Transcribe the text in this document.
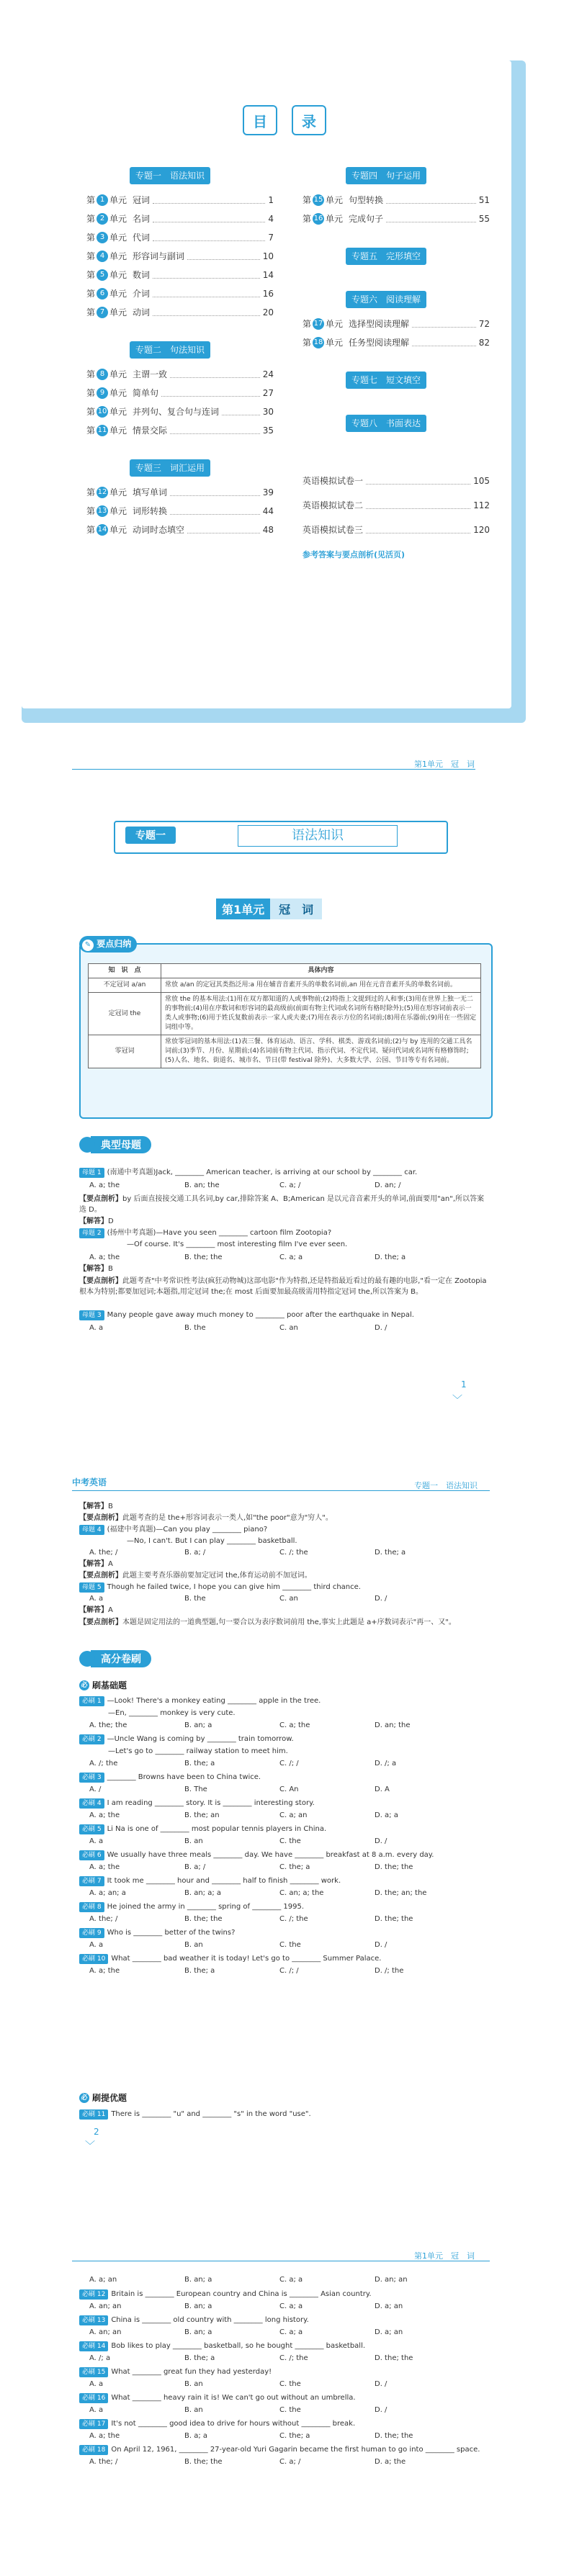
目 录
专题一　语法知识
第 1 单元 冠词	1
第 2 单元 名词	4
第 3 单元 代词	7
第 4 单元 形容词与副词	10
第 5 单元 数词	14
第 6 单元 介词	16
第 7 单元 动词	20
专题二　句法知识
第 8 单元 主谓一致	24
第 9 单元 简单句	27
第 10 单元 并列句、复合句与连词	30
第 11 单元 情景交际	35
专题三　词汇运用
第 12 单元 填写单词	39
第 13 单元 词形转换	44
第 14 单元 动词时态填空	48
专题四　句子运用
第 15 单元 句型转换	51
第 16 单元 完成句子	55
专题五　完形填空
专题六　阅读理解
第 17 单元 选择型阅读理解	72
第 18 单元 任务型阅读理解	82
专题七　短文填空
专题八　书面表达
英语模拟试卷一	105
英语模拟试卷二	112
英语模拟试卷三	120
参考答案与要点剖析(见活页)
第1单元　冠　词
专题一	语法知识
第1单元	冠　词
✎ 要点归纳
知　识　点	具体内容
不定冠词 a/an	常放 a/an 的定冠其类指泛用:a 用在辅音音素开头的单数名词前,an 用在元音音素开头的单数名词前。
定冠词 the	常放 the 的基本用法:(1)用在双方都知道的人或事物前;(2)特指上文提到过的人和事;(3)用在世界上独一无二的事物前;(4)用在序数词和形容词的最高级前(前面有物主代词或名词所有格时除外);(5)用在形容词前表示一类人或事物;(6)用于姓氏复数前表示一家人或夫妻;(7)用在表示方位的名词前;(8)用在乐器前;(9)用在一些固定词组中等。
零冠词	常放零冠词的基本用法:(1)表三餐、体育运动、语言、学科、棋类、游戏名词前;(2)与 by 连用的交通工具名词前;(3)季节、月份、星期前;(4)名词前有物主代词、指示代词、不定代词、疑问代词或名词所有格修饰时;(5)人名、地名、街道名、城市名、节日(带 festival 除外)、大多数大学、公园、节目等专有名词前。
典型母题
母题 1 (南通中考真题)Jack, ________ American teacher, is arriving at our school by ________ car.
A. a; the	B. an; the	C. a; /	D. an; /
【要点剖析】by 后面直接接交通工具名词,by car,排除答案 A、B;American 是以元音音素开头的单词,前面要用"an",所以答案选 D。
【解答】D
母题 2 (扬州中考真题)—Have you seen ________ cartoon film Zootopia?
—Of course. It's ________ most interesting film I've ever seen.
A. a; the	B. the; the	C. a; a	D. the; a
【解答】B
【要点剖析】此题考查"中考常识性考法(疯狂动物城)这部电影"作为特指,还是特指最近看过的最有趣的电影,"看一定在 Zootopia 根本为特别;都要加冠词;本题指,用定冠词 the;在 most 后面要加最高级需用特指定冠词 the,所以答案为 B。
母题 3 Many people gave away much money to ________ poor after the earthquake in Nepal.
A. a	B. the	C. an	D. /
1
﹀
中考英语	专题一　语法知识
【解答】B
【要点剖析】此题考查的是 the+形容词表示一类人,如"the poor"意为"穷人"。
母题 4 (福建中考真题)—Can you play ________ piano?
—No, I can't. But I can play ________ basketball.
A. the; /	B. a; /	C. /; the	D. the; a
【解答】A
【要点剖析】此题主要考查乐器前要加定冠词 the,体育运动前不加冠词。
母题 5 Though he failed twice, I hope you can give him ________ third chance.
A. a	B. the	C. an	D. /
【解答】A
【要点剖析】本题是固定用法的一道典型题,句一要合以为表序数词前用 the,事实上此题是 a+序数词表示"再一、又"。
高分卷刷
必 刷基础题
必刷 1 —Look! There's a monkey eating ________ apple in the tree.
—En, ________ monkey is very cute.
A. the; the	B. an; a	C. a; the	D. an; the
必刷 2 —Uncle Wang is coming by ________ train tomorrow.
—Let's go to ________ railway station to meet him.
A. /; the	B. the; a	C. /; /	D. /; a
必刷 3 ________ Browns have been to China twice.
A. /	B. The	C. An	D. A
必刷 4 I am reading ________ story. It is ________ interesting story.
A. a; the	B. the; an	C. a; an	D. a; a
必刷 5 Li Na is one of ________ most popular tennis players in China.
A. a	B. an	C. the	D. /
必刷 6 We usually have three meals ________ day. We have ________ breakfast at 8 a.m. every day.
A. a; the	B. a; /	C. the; a	D. the; the
必刷 7 It took me ________ hour and ________ half to finish ________ work.
A. a; an; a	B. an; a; a	C. an; a; the	D. the; an; the
必刷 8 He joined the army in ________ spring of ________ 1995.
A. the; /	B. the; the	C. /; the	D. the; the
必刷 9 Who is ________ better of the twins?
A. a	B. an	C. the	D. /
必刷 10 What ________ bad weather it is today! Let's go to ________ Summer Palace.
A. a; the	B. the; a	C. /; /	D. /; the
必 刷提优题
必刷 11 There is ________ "u" and ________ "s" in the word "use".
2
﹀
第1单元　冠　词
A. a; an	B. an; a	C. a; a	D. an; an
必刷 12 Britain is ________ European country and China is ________ Asian country.
A. an; an	B. an; a	C. a; a	D. a; an
必刷 13 China is ________ old country with ________ long history.
A. an; an	B. an; a	C. a; a	D. a; an
必刷 14 Bob likes to play ________ basketball, so he bought ________ basketball.
A. /; a	B. the; a	C. /; the	D. the; the
必刷 15 What ________ great fun they had yesterday!
A. a	B. an	C. the	D. /
必刷 16 What ________ heavy rain it is! We can't go out without an umbrella.
A. a	B. an	C. the	D. /
必刷 17 It's not ________ good idea to drive for hours without ________ break.
A. a; the	B. a; a	C. the; a	D. the; the
必刷 18 On April 12, 1961, ________ 27-year-old Yuri Gagarin became the first human to go into ________ space.
A. the; /	B. the; the	C. a; /	D. a; the
